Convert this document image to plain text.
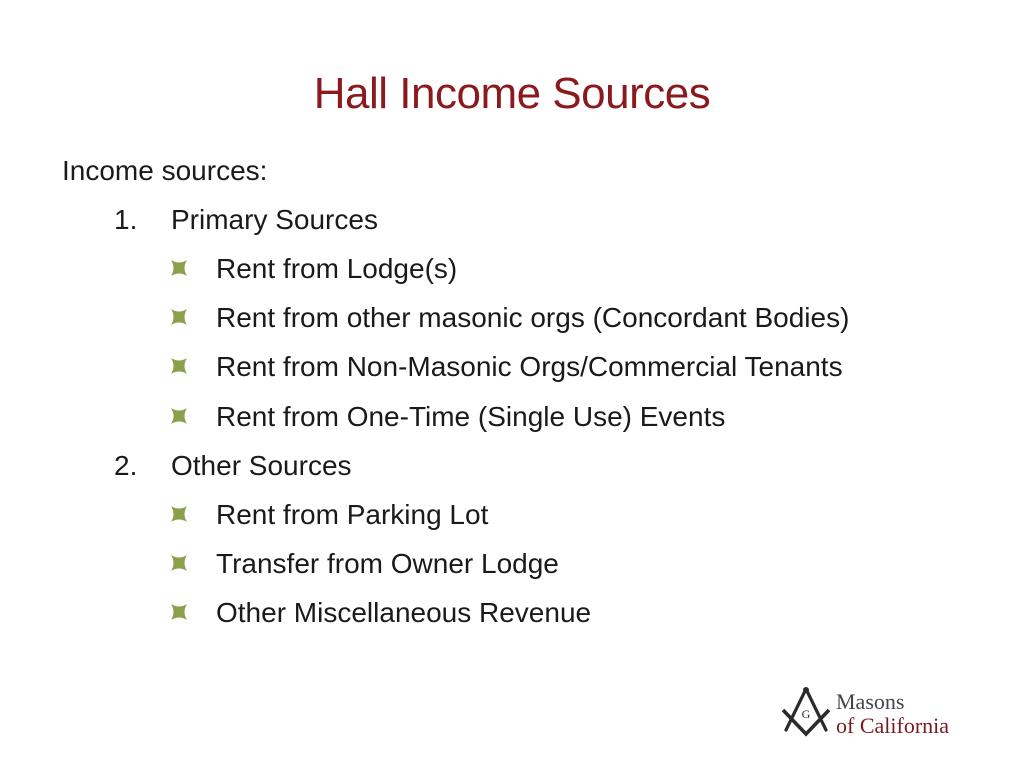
Hall Income Sources
Income sources:
1.	Primary Sources
Rent from Lodge(s)
Rent from other masonic orgs (Concordant Bodies)
Rent from Non-Masonic Orgs/Commercial Tenants
Rent from One-Time (Single Use) Events
2.	Other Sources
Rent from Parking Lot
Transfer from Owner Lodge
Other Miscellaneous Revenue
G Masons
of California
